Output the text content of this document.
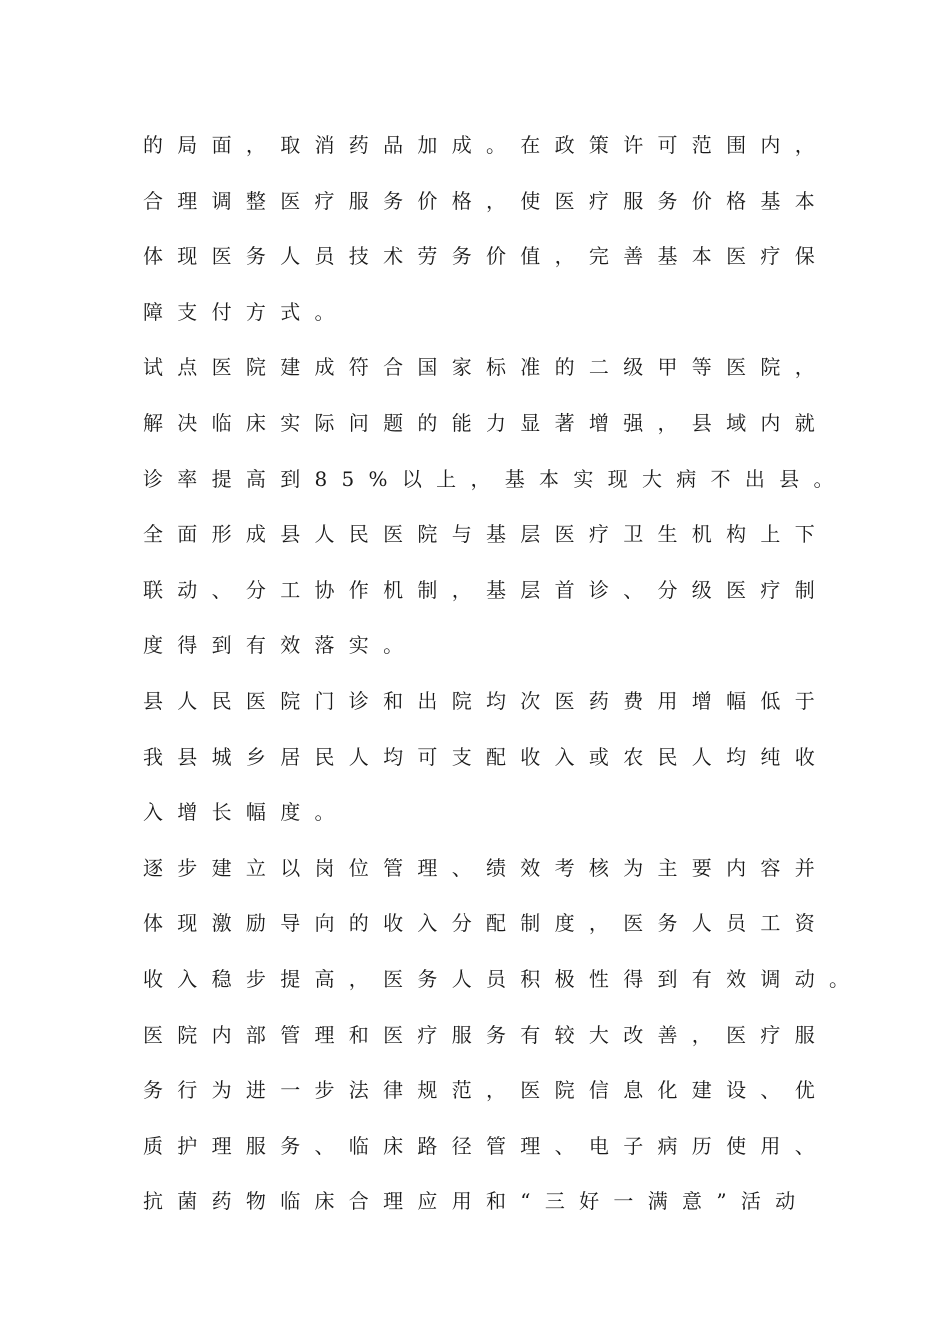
的局面，取消药品加成。在政策许可范围内，
合理调整医疗服务价格，使医疗服务价格基本
体现医务人员技术劳务价值，完善基本医疗保
障支付方式。
试点医院建成符合国家标准的二级甲等医院，
解决临床实际问题的能力显著增强，县域内就
诊率提高到85%以上，基本实现大病不出县。
全面形成县人民医院与基层医疗卫生机构上下
联动、分工协作机制，基层首诊、分级医疗制
度得到有效落实。
县人民医院门诊和出院均次医药费用增幅低于
我县城乡居民人均可支配收入或农民人均纯收
入增长幅度。
逐步建立以岗位管理、绩效考核为主要内容并
体现激励导向的收入分配制度，医务人员工资
收入稳步提高，医务人员积极性得到有效调动。
医院内部管理和医疗服务有较大改善，医疗服
务行为进一步法律规范，医院信息化建设、优
质护理服务、临床路径管理、电子病历使用、
抗菌药物临床合理应用和“三好一满意”活动
